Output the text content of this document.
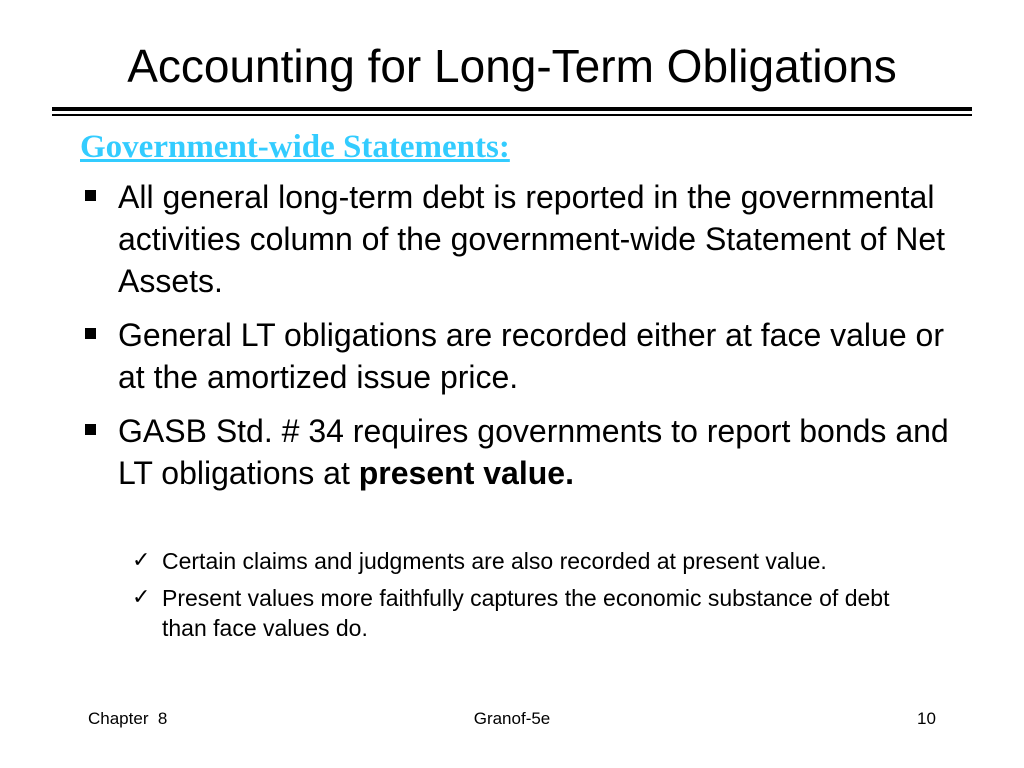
Accounting for Long-Term Obligations
Government-wide Statements:
All general long-term debt is reported in the governmental activities column of the government-wide Statement of Net Assets.
General LT obligations are recorded either at face value or at the amortized issue price.
GASB Std. # 34 requires governments to report bonds and LT obligations at present value.
✓ Certain claims and judgments are also recorded at present value.
✓ Present values more faithfully captures the economic substance of debt than face values do.
Chapter  8	Granof-5e	10
